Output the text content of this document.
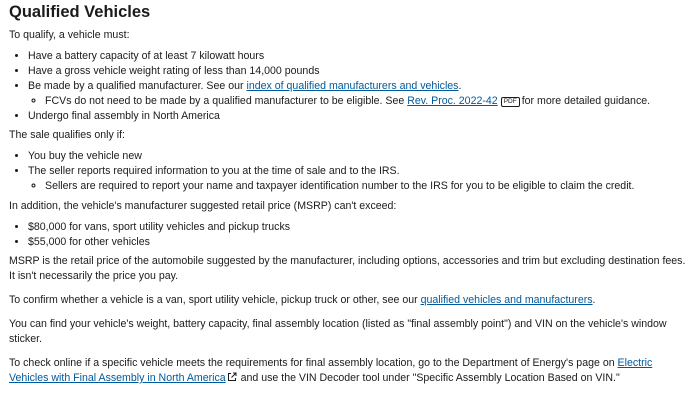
Qualified Vehicles

To qualify, a vehicle must:

• Have a battery capacity of at least 7 kilowatt hours
• Have a gross vehicle weight rating of less than 14,000 pounds
• Be made by a qualified manufacturer. See our index of qualified manufacturers and vehicles.
◦ FCVs do not need to be made by a qualified manufacturer to be eligible. See Rev. Proc. 2022-42 PDF for more detailed guidance.
• Undergo final assembly in North America

The sale qualifies only if:

• You buy the vehicle new
• The seller reports required information to you at the time of sale and to the IRS.
◦ Sellers are required to report your name and taxpayer identification number to the IRS for you to be eligible to claim the credit.

In addition, the vehicle's manufacturer suggested retail price (MSRP) can't exceed:

• $80,000 for vans, sport utility vehicles and pickup trucks
• $55,000 for other vehicles

MSRP is the retail price of the automobile suggested by the manufacturer, including options, accessories and trim but excluding destination fees. It isn't necessarily the price you pay.

To confirm whether a vehicle is a van, sport utility vehicle, pickup truck or other, see our qualified vehicles and manufacturers.

You can find your vehicle's weight, battery capacity, final assembly location (listed as "final assembly point") and VIN on the vehicle's window sticker.

To check online if a specific vehicle meets the requirements for final assembly location, go to the Department of Energy's page on Electric Vehicles with Final Assembly in North America and use the VIN Decoder tool under "Specific Assembly Location Based on VIN."
